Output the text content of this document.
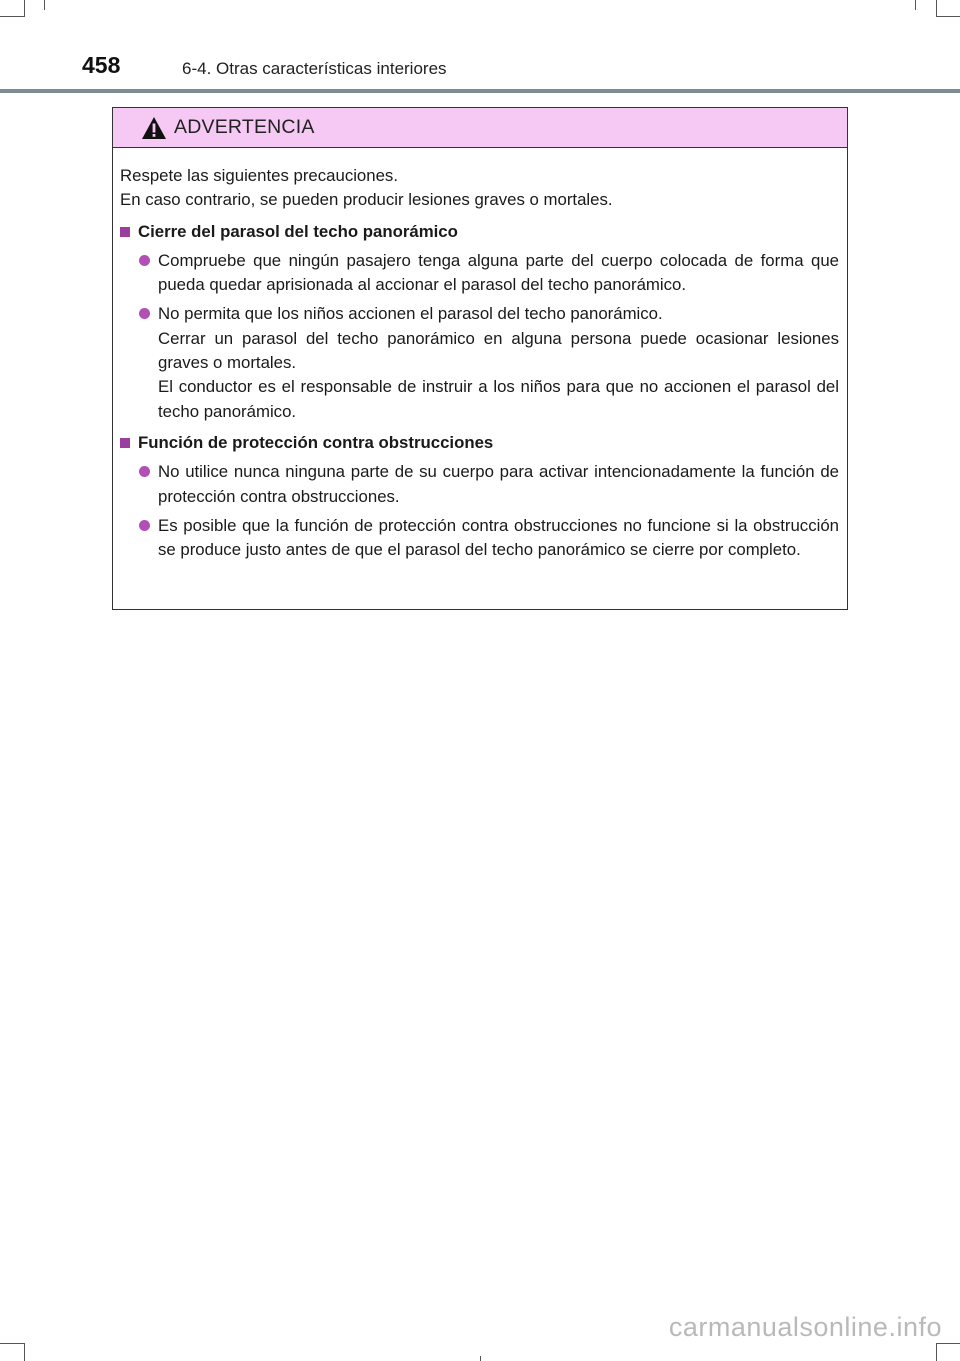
458	6-4. Otras características interiores
ADVERTENCIA

Respete las siguientes precauciones.

En caso contrario, se pueden producir lesiones graves o mortales.

Cierre del parasol del techo panorámico

Compruebe que ningún pasajero tenga alguna parte del cuerpo colocada de forma que pueda quedar aprisionada al accionar el parasol del techo panorámico.

No permita que los niños accionen el parasol del techo panorámico.

Cerrar un parasol del techo panorámico en alguna persona puede ocasionar lesiones graves o mortales.

El conductor es el responsable de instruir a los niños para que no accionen el parasol del techo panorámico.

Función de protección contra obstrucciones

No utilice nunca ninguna parte de su cuerpo para activar intencionadamente la función de protección contra obstrucciones.

Es posible que la función de protección contra obstrucciones no funcione si la obstrucción se produce justo antes de que el parasol del techo panorámico se cierre por completo.

carmanualsonline.info
